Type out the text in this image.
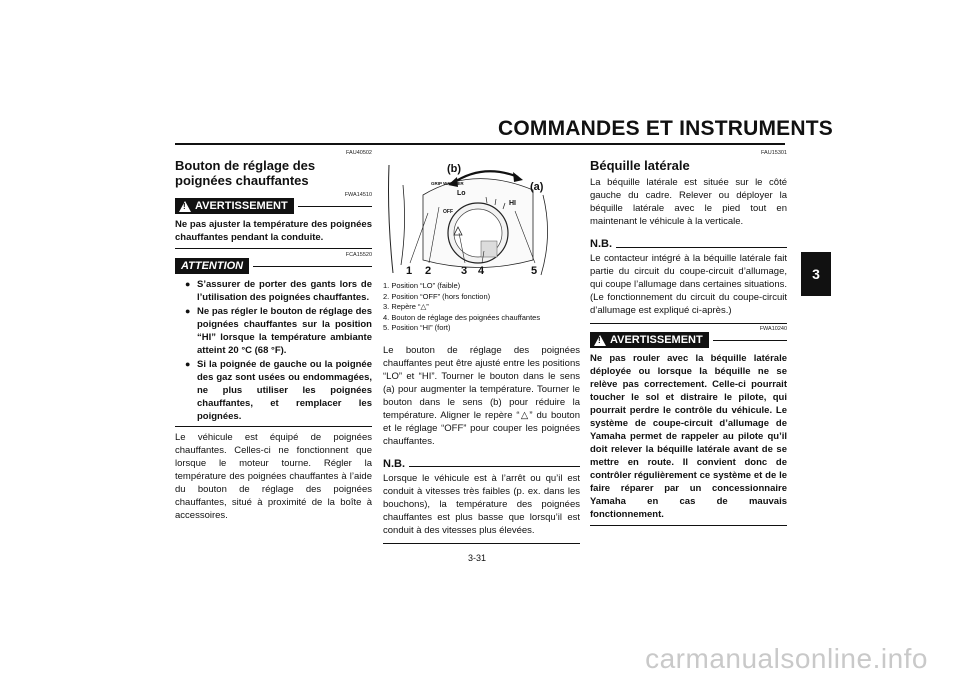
COMMANDES ET INSTRUMENTS
3
FAU40502
Bouton de réglage des poignées chauffantes
FWA14510
! AVERTISSEMENT
Ne pas ajuster la température des poignées chauffantes pendant la conduite.
FCA15520
ATTENTION
● S’assurer de porter des gants lors de l’utilisation des poignées chauffantes.
● Ne pas régler le bouton de réglage des poignées chauffantes sur la position “HI” lorsque la température ambiante atteint 20 °C (68 °F).
● Si la poignée de gauche ou la poignée des gaz sont usées ou endommagées, ne plus utiliser les poignées chauffantes, et remplacer les poignées.
Le véhicule est équipé de poignées chauffantes. Celles-ci ne fonctionnent que lorsque le moteur tourne. Régler la température des poignées chauffantes à l’aide du bouton de réglage des poignées chauffantes, situé à proximité de la boîte à accessoires.
(b)
(a)
GRIP WARMER
Lo
OFF
HI
1 2	3 4	5
1. Position “LO” (faible)
2. Position “OFF” (hors fonction)
3. Repère “△”
4. Bouton de réglage des poignées chauffantes
5. Position “HI” (fort)
Le bouton de réglage des poignées chauffantes peut être ajusté entre les positions “LO” et “HI”. Tourner le bouton dans le sens (a) pour augmenter la température. Tourner le bouton dans le sens (b) pour réduire la température. Aligner le repère “△” du bouton et le réglage “OFF” pour couper les poignées chauffantes.
N.B.
Lorsque le véhicule est à l’arrêt ou qu’il est conduit à vitesses très faibles (p. ex. dans les bouchons), la température des poignées chauffantes est plus basse que lorsqu’il est conduit à des vitesses plus élevées.
FAU15301
Béquille latérale
La béquille latérale est située sur le côté gauche du cadre. Relever ou déployer la béquille latérale avec le pied tout en maintenant le véhicule à la verticale.
N.B.
Le contacteur intégré à la béquille latérale fait partie du circuit du coupe-circuit d’allumage, qui coupe l’allumage dans certaines situations. (Le fonctionnement du circuit du coupe-circuit d’allumage est expliqué ci-après.)
FWA10240
! AVERTISSEMENT
Ne pas rouler avec la béquille latérale déployée ou lorsque la béquille ne se relève pas correctement. Celle-ci pourrait toucher le sol et distraire le pilote, qui pourrait perdre le contrôle du véhicule. Le système de coupe-circuit d’allumage de Yamaha permet de rappeler au pilote qu’il doit relever la béquille latérale avant de se mettre en route. Il convient donc de contrôler régulièrement ce système et de le faire réparer par un concessionnaire Yamaha en cas de mauvais fonctionnement.
3-31
carmanualsonline.info
